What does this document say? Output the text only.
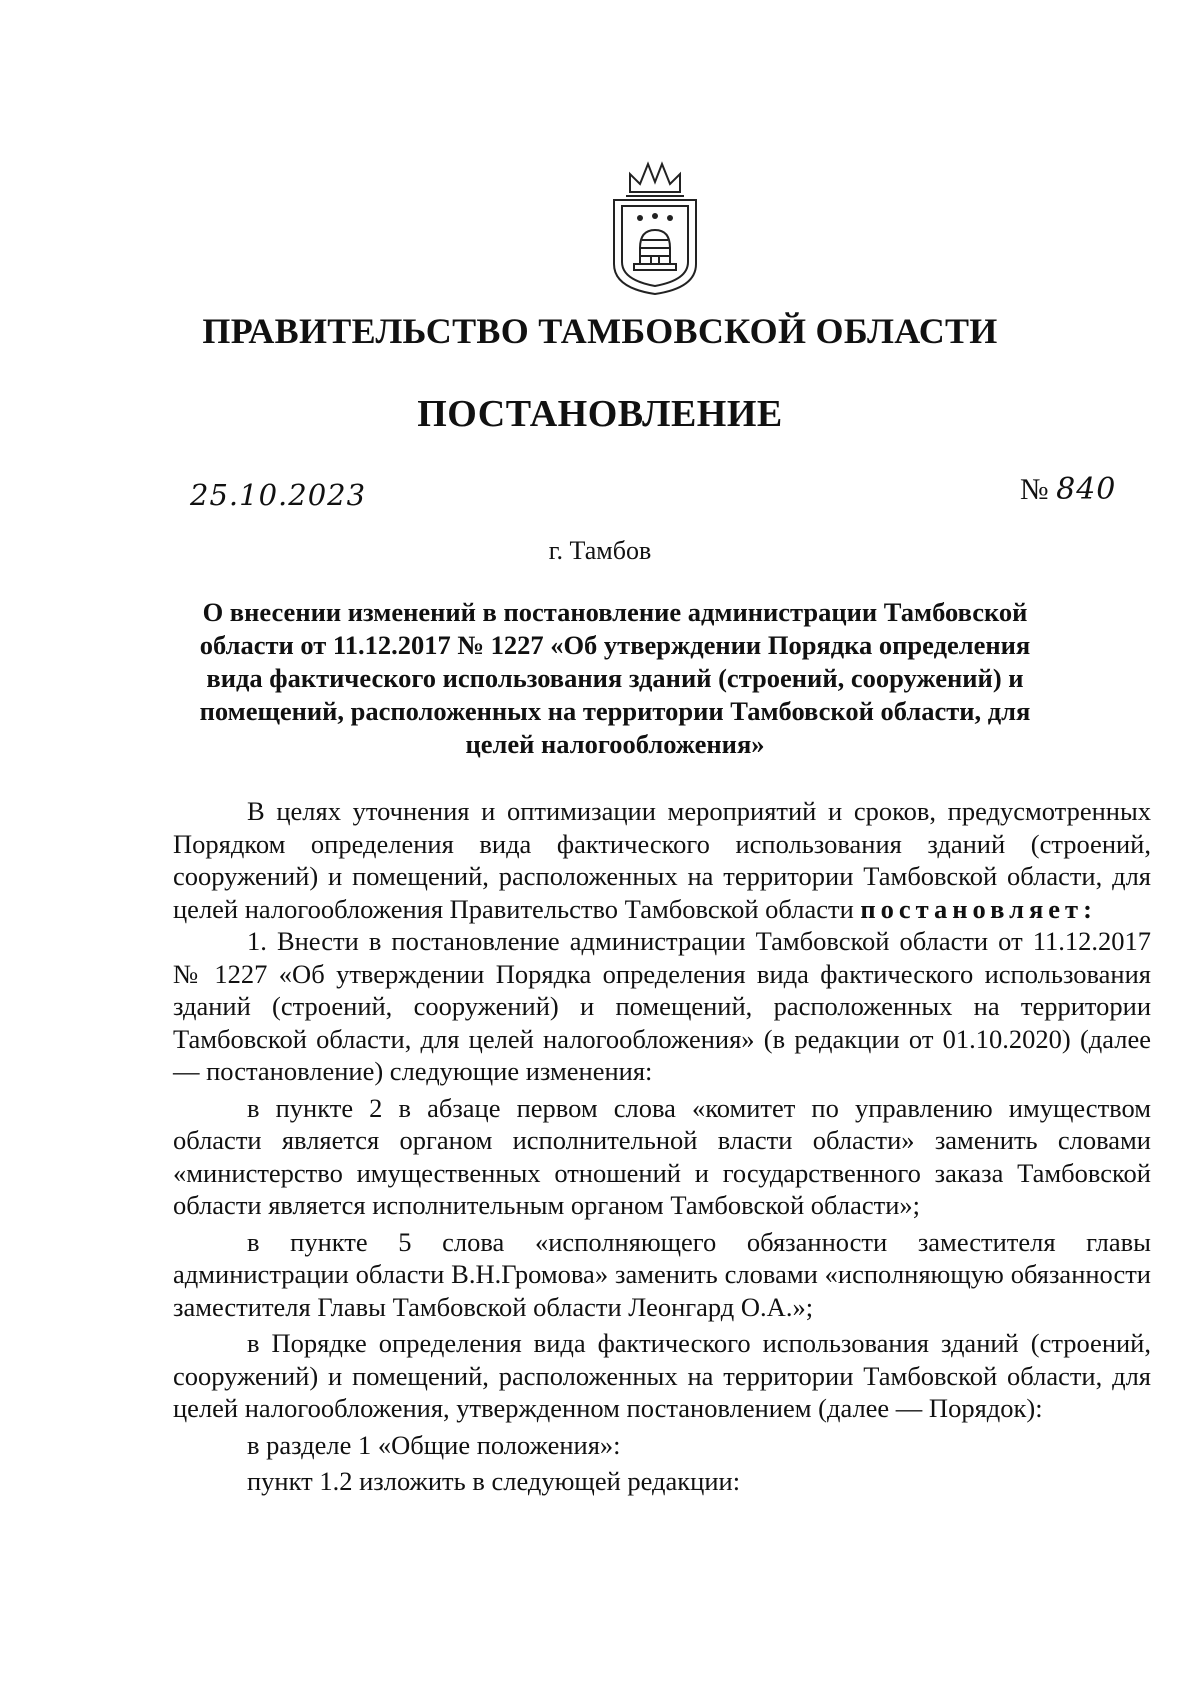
ПРАВИТЕЛЬСТВО ТАМБОВСКОЙ ОБЛАСТИ
ПОСТАНОВЛЕНИЕ
25.10.2023	№ 840
г. Тамбов
О внесении изменений в постановление администрации Тамбовской области от 11.12.2017 № 1227 «Об утверждении Порядка определения вида фактического использования зданий (строений, сооружений) и помещений, расположенных на территории Тамбовской области, для целей налогообложения»

В целях уточнения и оптимизации мероприятий и сроков, предусмотренных Порядком определения вида фактического использования зданий (строений, сооружений) и помещений, расположенных на территории Тамбовской области, для целей налогообложения Правительство Тамбовской области постановляет:

1. Внести в постановление администрации Тамбовской области от 11.12.2017 № 1227 «Об утверждении Порядка определения вида фактического использования зданий (строений, сооружений) и помещений, расположенных на территории Тамбовской области, для целей налогообложения» (в редакции от 01.10.2020) (далее — постановление) следующие изменения:

в пункте 2 в абзаце первом слова «комитет по управлению имуществом области является органом исполнительной власти области» заменить словами «министерство имущественных отношений и государственного заказа Тамбовской области является исполнительным органом Тамбовской области»;

в пункте 5 слова «исполняющего обязанности заместителя главы администрации области В.Н.Громова» заменить словами «исполняющую обязанности заместителя Главы Тамбовской области Леонгард О.А.»;

в Порядке определения вида фактического использования зданий (строений, сооружений) и помещений, расположенных на территории Тамбовской области, для целей налогообложения, утвержденном постановлением (далее — Порядок):

в разделе 1 «Общие положения»:

пункт 1.2 изложить в следующей редакции:
